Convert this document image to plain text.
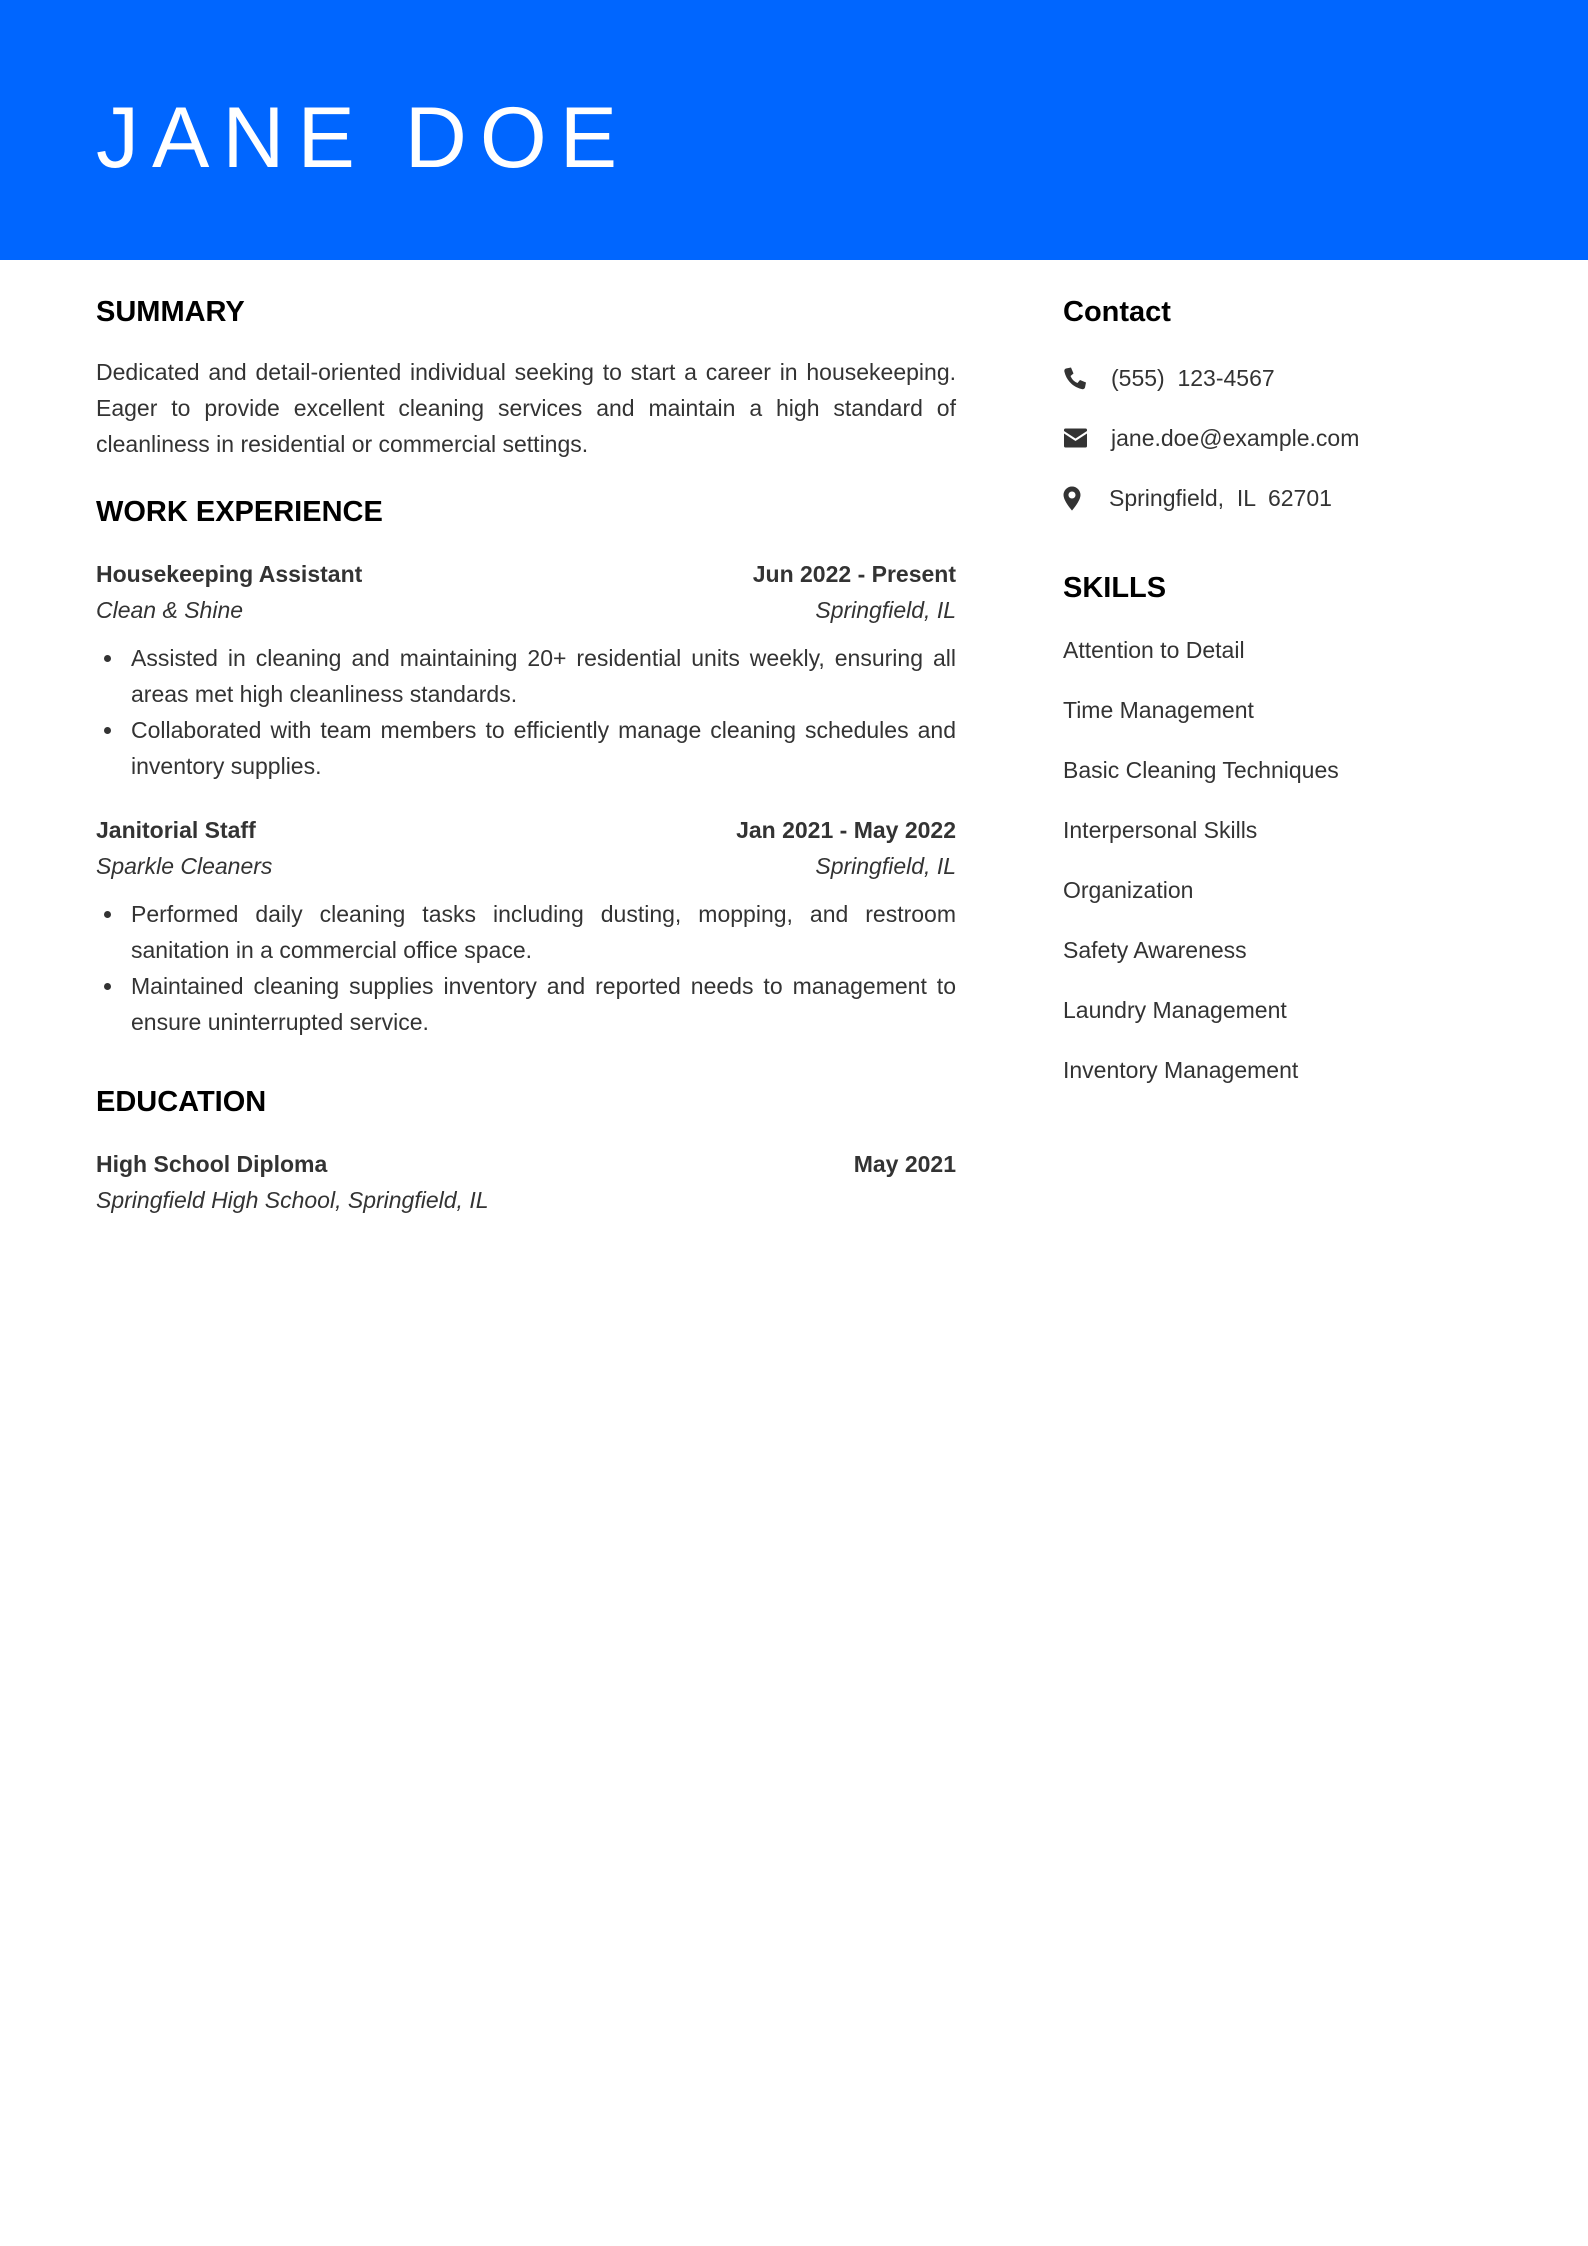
JANE DOE
SUMMARY

Dedicated and detail-oriented individual seeking to start a career in housekeeping. Eager to provide excellent cleaning services and maintain a high standard of cleanliness in residential or commercial settings.

WORK EXPERIENCE
Housekeeping Assistant	Jun 2022 - Present
Clean & Shine	Springfield, IL
Assisted in cleaning and maintaining 20+ residential units weekly, ensuring all areas met high cleanliness standards.
Collaborated with team members to efficiently manage cleaning schedules and inventory supplies.
Janitorial Staff	Jan 2021 - May 2022
Sparkle Cleaners	Springfield, IL
Performed daily cleaning tasks including dusting, mopping, and restroom sanitation in a commercial office space.
Maintained cleaning supplies inventory and reported needs to management to ensure uninterrupted service.
EDUCATION
High School Diploma	May 2021
Springfield High School, Springfield, IL
Contact
(555)  123-4567
jane.doe@example.com
Springfield,  IL  62701
SKILLS
Attention to Detail
Time Management
Basic Cleaning Techniques
Interpersonal Skills
Organization
Safety Awareness
Laundry Management
Inventory Management
